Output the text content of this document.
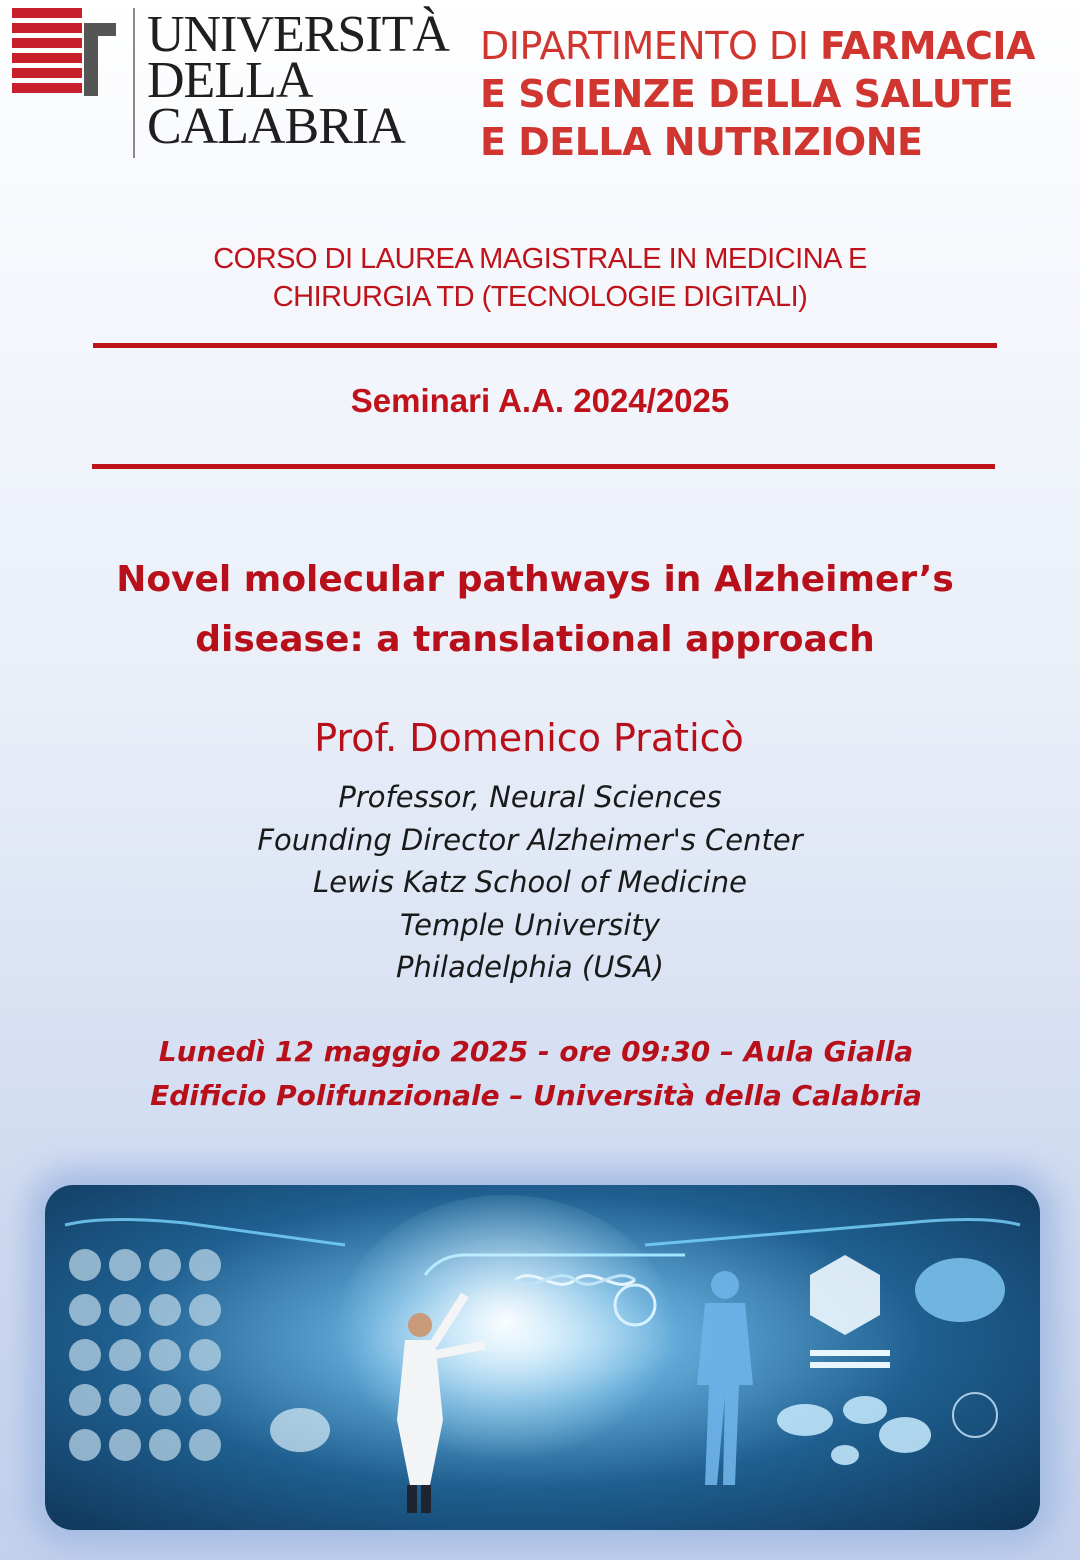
UNIVERSITÀ
DELLA
CALABRIA
DIPARTIMENTO DI FARMACIA
E SCIENZE DELLA SALUTE
E DELLA NUTRIZIONE
CORSO DI LAUREA MAGISTRALE IN MEDICINA E
CHIRURGIA TD (TECNOLOGIE DIGITALI)
Seminari A.A. 2024/2025
Novel molecular pathways in Alzheimer’s
disease: a translational approach
Prof. Domenico Praticò
Professor, Neural Sciences
Founding Director Alzheimer's Center
Lewis Katz School of Medicine
Temple University
Philadelphia (USA)
Lunedì 12 maggio 2025 - ore 09:30 – Aula Gialla
Edificio Polifunzionale – Università della Calabria
